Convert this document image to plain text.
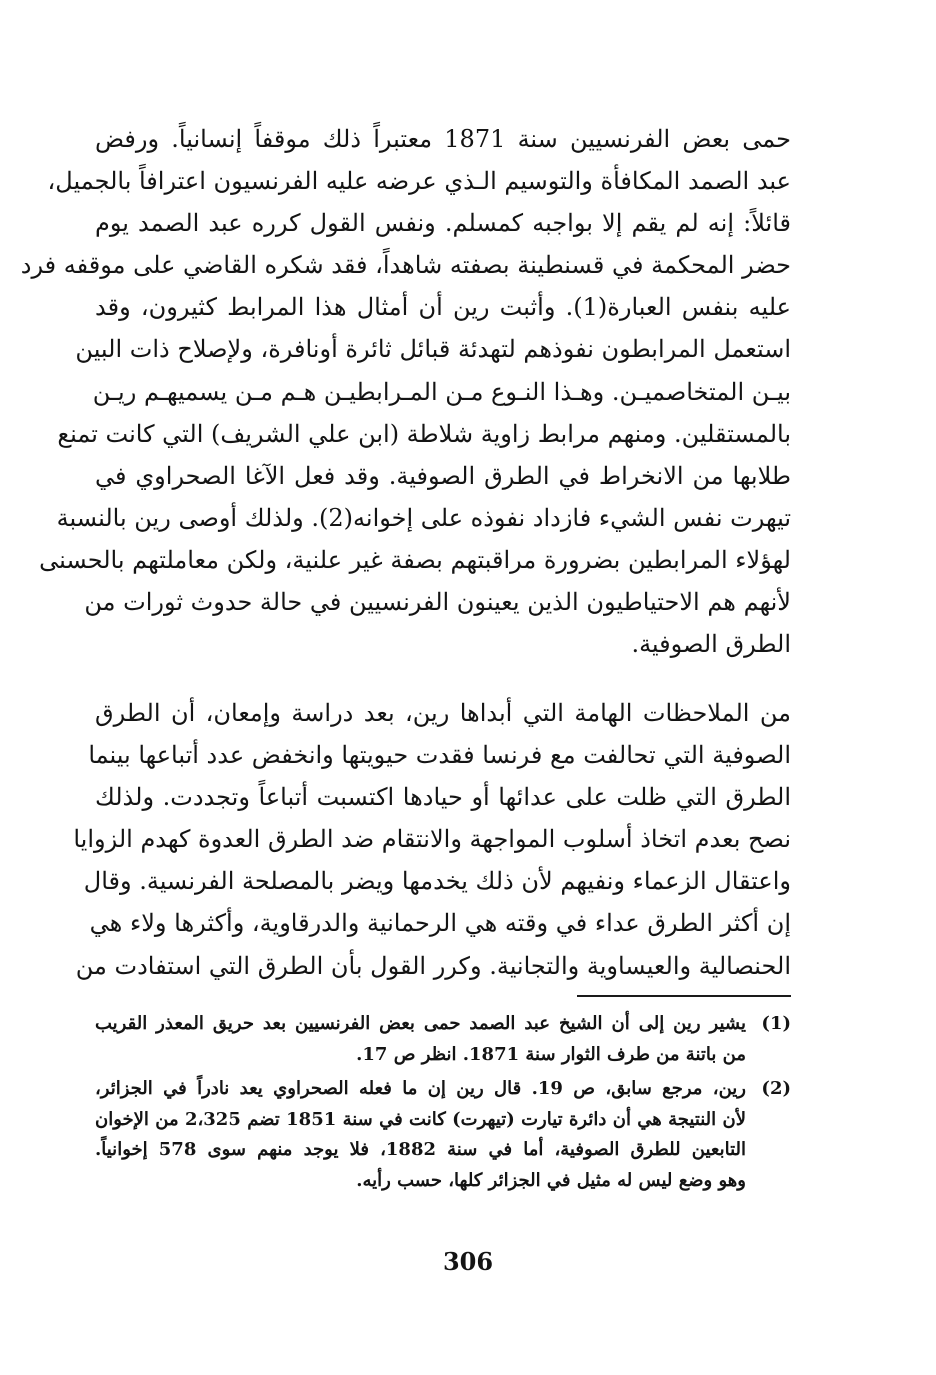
حمى بعض الفرنسيين سنة 1871 معتبراً ذلك موقفاً إنسانياً. ورفض
عبد الصمد المكافأة والتوسيم الـذي عرضه عليه الفرنسيون اعترافاً بالجميل،
قائلاً: إنه لم يقم إلا بواجبه كمسلم. ونفس القول كرره عبد الصمد يوم
حضر المحكمة في قسنطينة بصفته شاهداً، فقد شكره القاضي على موقفه فرد
عليه بنفس العبارة(1). وأثبت رين أن أمثال هذا المرابط كثيرون، وقد
استعمل المرابطون نفوذهم لتهدئة قبائل ثائرة أونافرة، ولإصلاح ذات البين
بيـن المتخاصميـن. وهـذا النـوع مـن المـرابطيـن هـم مـن يسميهـم ريـن
بالمستقلين. ومنهم مرابط زاوية شلاطة (ابن علي الشريف) التي كانت تمنع
طلابها من الانخراط في الطرق الصوفية. وقد فعل الآغا الصحراوي في
تيهرت نفس الشيء فازداد نفوذه على إخوانه(2). ولذلك أوصى رين بالنسبة
لهؤلاء المرابطين بضرورة مراقبتهم بصفة غير علنية، ولكن معاملتهم بالحسنى
لأنهم هم الاحتياطيون الذين يعينون الفرنسيين في حالة حدوث ثورات من
الطرق الصوفية.
من الملاحظات الهامة التي أبداها رين، بعد دراسة وإمعان، أن الطرق
الصوفية التي تحالفت مع فرنسا فقدت حيويتها وانخفض عدد أتباعها بينما
الطرق التي ظلت على عدائها أو حيادها اكتسبت أتباعاً وتجددت. ولذلك
نصح بعدم اتخاذ أسلوب المواجهة والانتقام ضد الطرق العدوة كهدم الزوايا
واعتقال الزعماء ونفيهم لأن ذلك يخدمها ويضر بالمصلحة الفرنسية. وقال
إن أكثر الطرق عداء في وقته هي الرحمانية والدرقاوية، وأكثرها ولاء هي
الحنصالية والعيساوية والتجانية. وكرر القول بأن الطرق التي استفادت من
(1)
يشير رين إلى أن الشيخ عبد الصمد حمى بعض الفرنسيين بعد حريق المعذر القريب
من باتنة من طرف الثوار سنة 1871. انظر ص 17.
(2)
رين، مرجع سابق، ص 19. قال رين إن ما فعله الصحراوي يعد نادراً في الجزائر،
لأن النتيجة هي أن دائرة تيارت (تيهرت) كانت في سنة 1851 تضم 2،325 من الإخوان
التابعين للطرق الصوفية، أما في سنة 1882، فلا يوجد منهم سوى 578 إخوانياً.
وهو وضع ليس له مثيل في الجزائر كلها، حسب رأيه.
306
